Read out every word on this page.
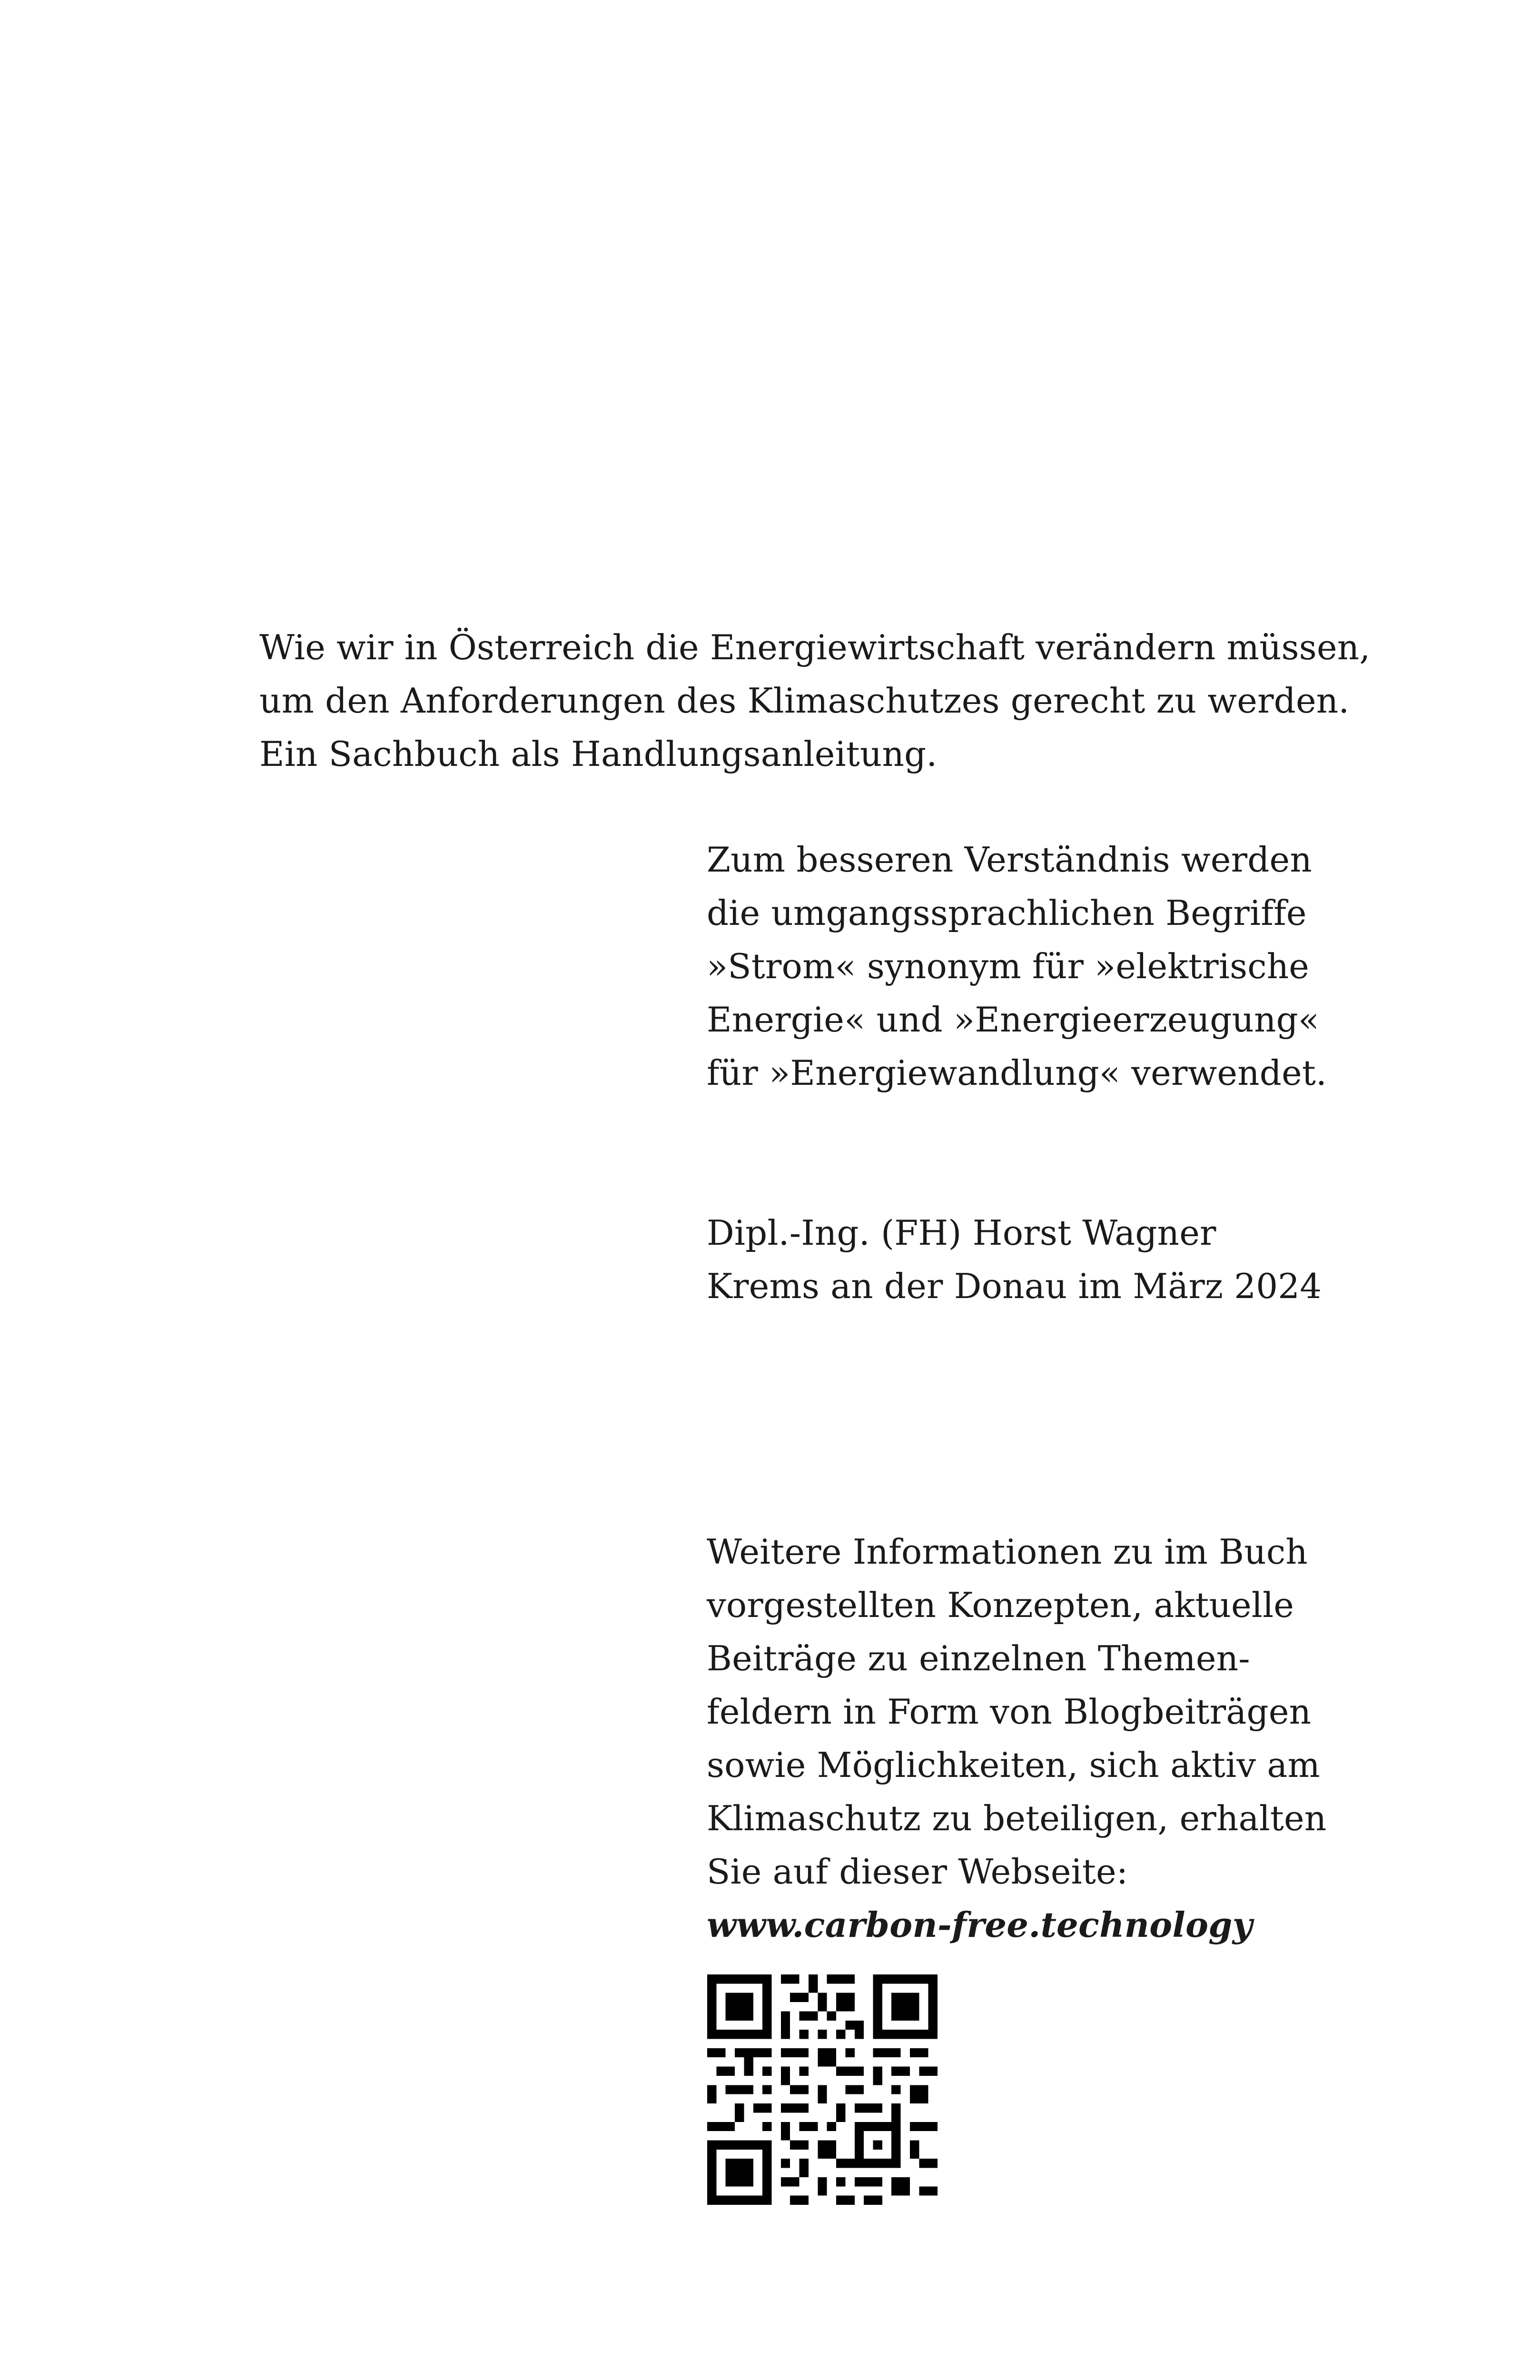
Wie wir in Österreich die Energiewirtschaft verändern müssen,
um den Anforderungen des Klimaschutzes gerecht zu werden.
Ein Sachbuch als Handlungsanleitung.
Zum besseren Verständnis werden
die umgangssprachlichen Begriffe
»Strom« synonym für »elektrische
Energie« und »Energieerzeugung«
für »Energiewandlung« verwendet.
Dipl.-Ing. (FH) Horst Wagner
Krems an der Donau im März 2024
Weitere Informationen zu im Buch
vorgestellten Konzepten, aktuelle
Beiträge zu einzelnen Themen-
feldern in Form von Blogbeiträgen
sowie Möglichkeiten, sich aktiv am
Klimaschutz zu beteiligen, erhalten
Sie auf dieser Webseite:
www.carbon-free.technology
